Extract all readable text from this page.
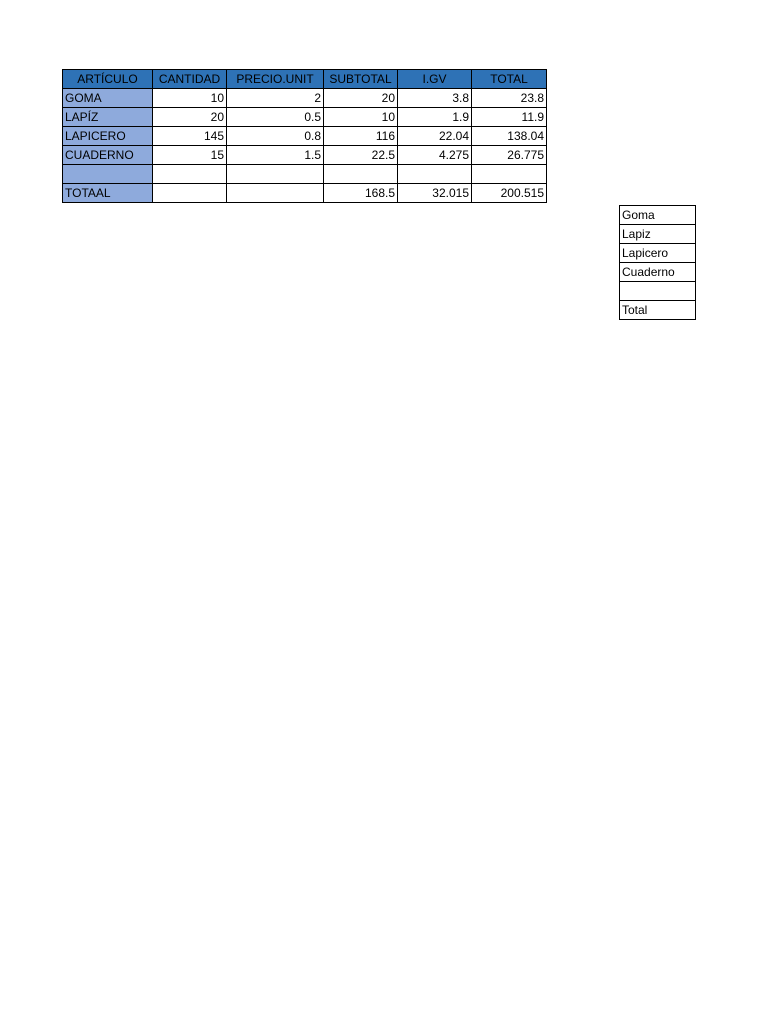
ARTÍCULO	CANTIDAD	PRECIO.UNIT	SUBTOTAL	I.GV	TOTAL
GOMA	10	2	20	3.8	23.8
LAPÍZ	20	0.5	10	1.9	11.9
LAPICERO	145	0.8	116	22.04	138.04
CUADERNO	15	1.5	22.5	4.275	26.775

TOTAAL			168.5	32.015	200.515
Goma
Lapiz
Lapicero
Cuaderno

Total
